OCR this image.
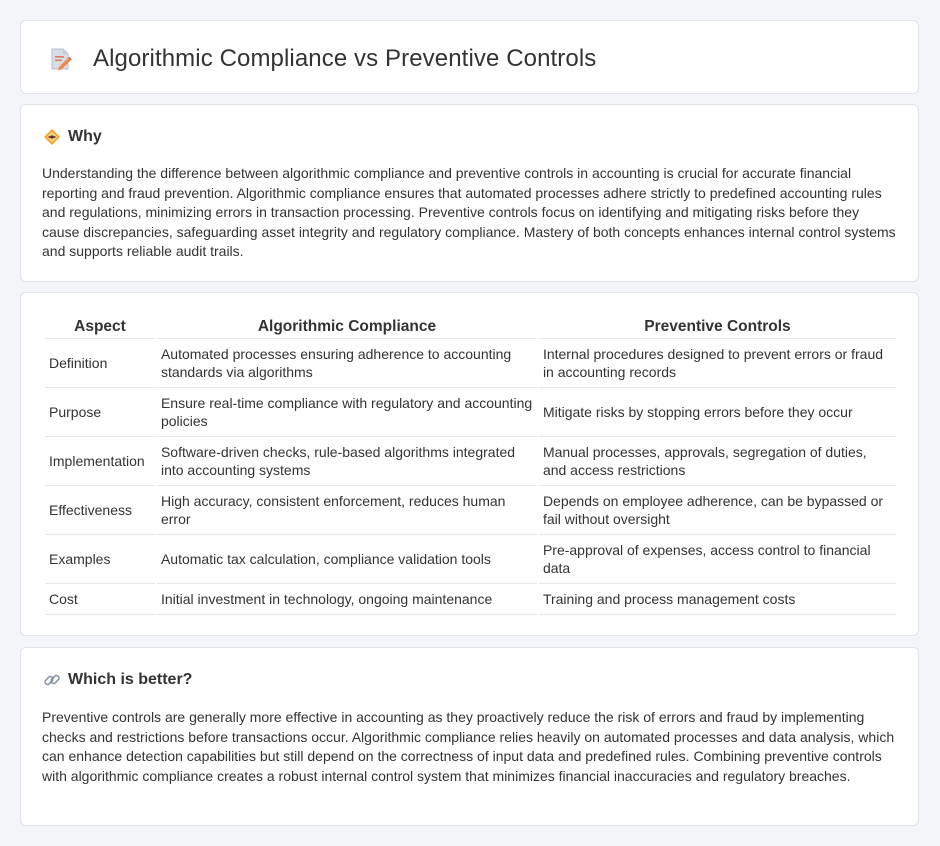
Algorithmic Compliance vs Preventive Controls
Why

Understanding the difference between algorithmic compliance and preventive controls in accounting is crucial for accurate financial reporting and fraud prevention. Algorithmic compliance ensures that automated processes adhere strictly to predefined accounting rules and regulations, minimizing errors in transaction processing. Preventive controls focus on identifying and mitigating risks before they cause discrepancies, safeguarding asset integrity and regulatory compliance. Mastery of both concepts enhances internal control systems and supports reliable audit trails.

Aspect	Algorithmic Compliance	Preventive Controls
Definition	Automated processes ensuring adherence to accounting standards via algorithms	Internal procedures designed to prevent errors or fraud in accounting records
Purpose	Ensure real-time compliance with regulatory and accounting policies	Mitigate risks by stopping errors before they occur
Implementation	Software-driven checks, rule-based algorithms integrated into accounting systems	Manual processes, approvals, segregation of duties, and access restrictions
Effectiveness	High accuracy, consistent enforcement, reduces human error	Depends on employee adherence, can be bypassed or fail without oversight
Examples	Automatic tax calculation, compliance validation tools	Pre-approval of expenses, access control to financial data
Cost	Initial investment in technology, ongoing maintenance	Training and process management costs
Which is better?

Preventive controls are generally more effective in accounting as they proactively reduce the risk of errors and fraud by implementing checks and restrictions before transactions occur. Algorithmic compliance relies heavily on automated processes and data analysis, which can enhance detection capabilities but still depend on the correctness of input data and predefined rules. Combining preventive controls with algorithmic compliance creates a robust internal control system that minimizes financial inaccuracies and regulatory breaches.
